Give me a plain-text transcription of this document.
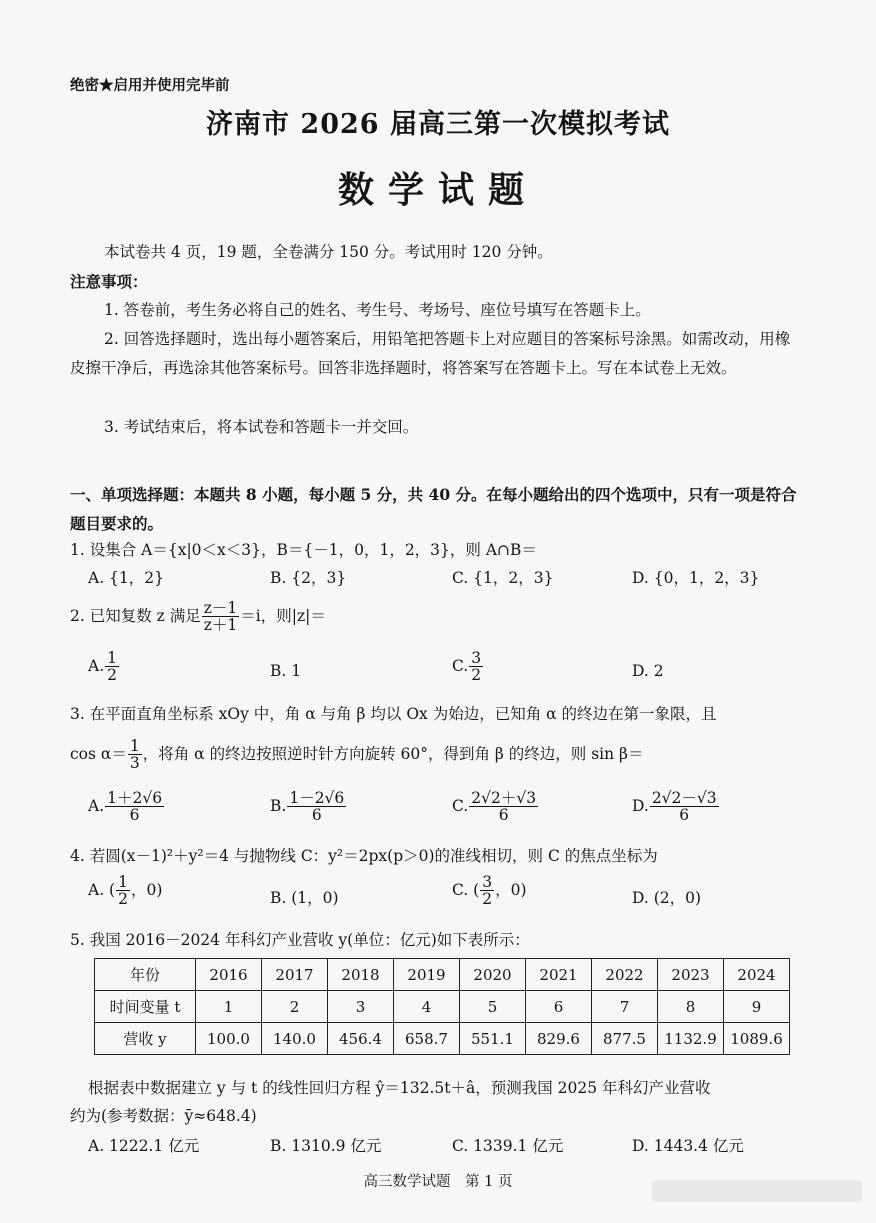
绝密★启用并使用完毕前
济南市 2026 届高三第一次模拟考试
数学试题
本试卷共 4 页，19 题，全卷满分 150 分。考试用时 120 分钟。
注意事项：
1. 答卷前，考生务必将自己的姓名、考生号、考场号、座位号填写在答题卡上。
2. 回答选择题时，选出每小题答案后，用铅笔把答题卡上对应题目的答案标号涂黑。如需改动，用橡皮擦干净后，再选涂其他答案标号。回答非选择题时，将答案写在答题卡上。写在本试卷上无效。
3. 考试结束后，将本试卷和答题卡一并交回。
一、单项选择题：本题共 8 小题，每小题 5 分，共 40 分。在每小题给出的四个选项中，只有一项是符合题目要求的。
1. 设集合 A＝{x|0＜x＜3}，B＝{－1，0，1，2，3}，则 A∩B＝
A. {1，2}	B. {2，3}	C. {1，2，3}	D. {0，1，2，3}
2. 已知复数 z 满足 $\frac{z-1}{z+1} =i$，则|z|＝
A. $\frac{1}{2}$	B. 1	C. $\frac{3}{2}$	D. 2
3. 在平面直角坐标系 xOy 中，角 α 与角 β 均以 Ox 为始边，已知角 α 的终边在第一象限，且
$\cos \alpha= \frac{1}{3}$ ，将角 α 的终边按照逆时针方向旋转 60°，得到角 β 的终边，则 sin β＝
A. $\frac{1+2√6}{6}$	B. $\frac{1-2√6}{6}$	C. $\frac{2√2+√3}{6}$	D. $\frac{2√2-√3}{6}$
4. 若圆(x－1)²＋y²＝4 与抛物线 C：y²＝2px(p＞0)的准线相切，则 C 的焦点坐标为
A. ( $\frac{1}{2}$ ，0)	B. (1，0)	C. ( $\frac{3}{2}$ ，0)	D. (2，0)
5. 我国 2016－2024 年科幻产业营收 y(单位：亿元)如下表所示：
年份	2016	2017	2018	2019	2020	2021	2022	2023	2024
时间变量 t	1	2	3	4	5	6	7	8	9
营收 y	100.0	140.0	456.4	658.7	551.1	829.6	877.5	1132.9	1089.6
根据表中数据建立 y 与 t 的线性回归方程 ŷ＝132.5t＋â，预测我国 2025 年科幻产业营收
约为(参考数据：ȳ≈648.4)
A. 1222.1 亿元	B. 1310.9 亿元	C. 1339.1 亿元	D. 1443.4 亿元
高三数学试题　第 1 页
